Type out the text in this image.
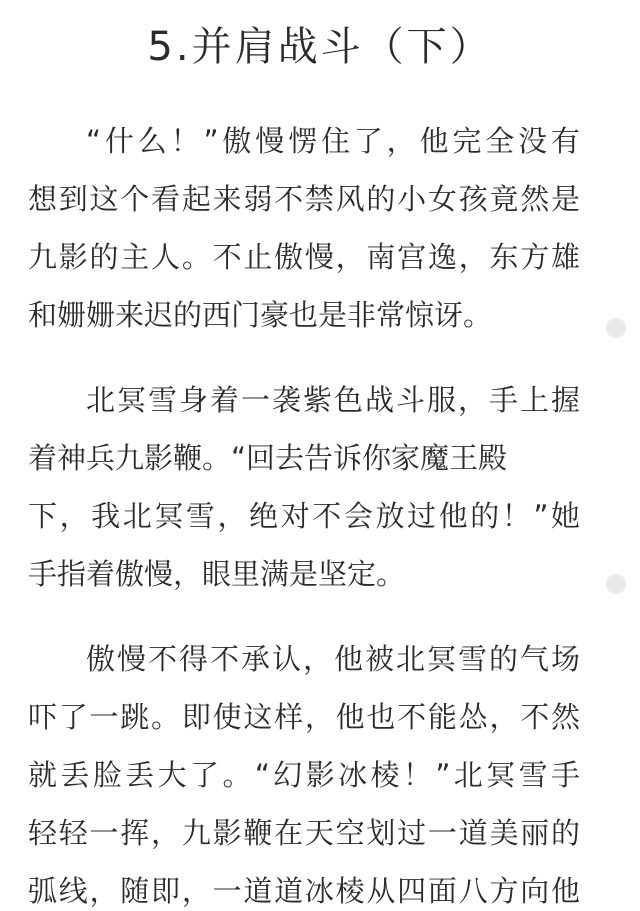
5.并肩战斗（下）
“什么！”傲慢愣住了，他完全没有
想到这个看起来弱不禁风的小女孩竟然是
九影的主人。不止傲慢，南宫逸，东方雄
和姗姗来迟的西门豪也是非常惊讶。
北冥雪身着一袭紫色战斗服，手上握
着神兵九影鞭。“回去告诉你家魔王殿
下，我北冥雪，绝对不会放过他的！”她
手指着傲慢，眼里满是坚定。
傲慢不得不承认，他被北冥雪的气场
吓了一跳。即使这样，他也不能怂，不然
就丢脸丢大了。“幻影冰棱！”北冥雪手
轻轻一挥，九影鞭在天空划过一道美丽的
弧线，随即，一道道冰棱从四面八方向他
